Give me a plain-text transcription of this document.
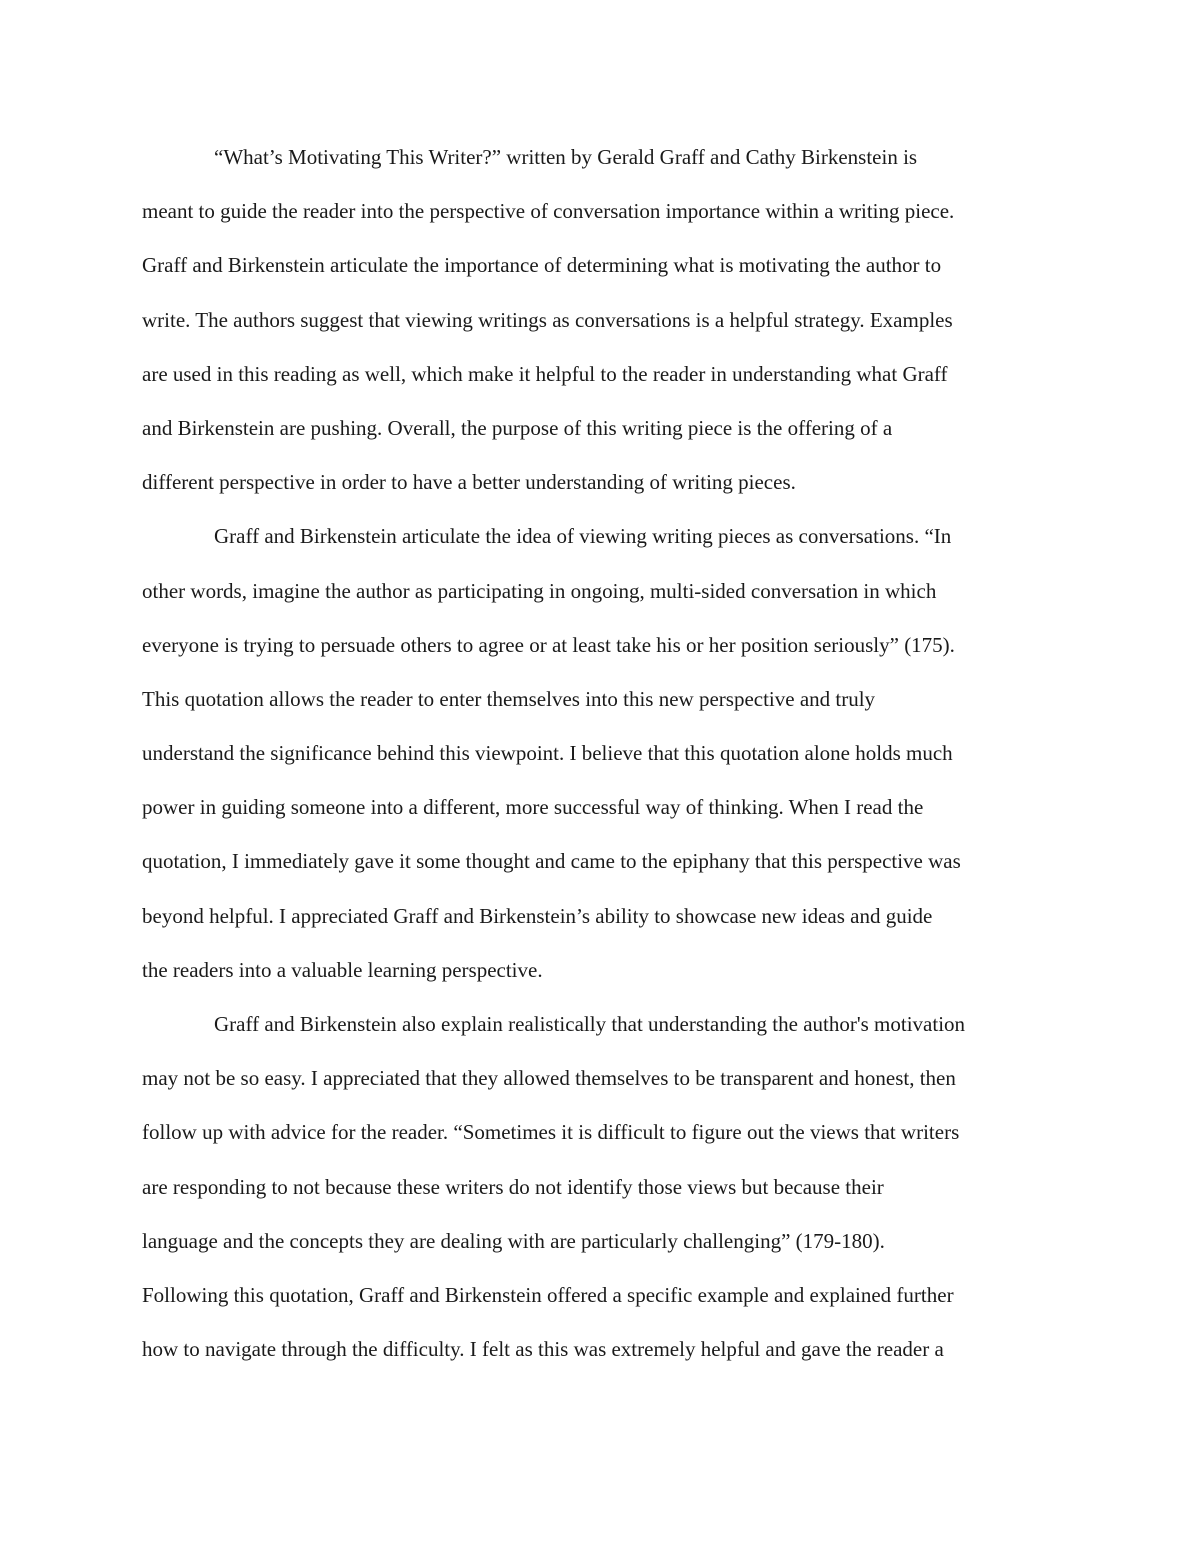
“What’s Motivating This Writer?” written by Gerald Graff and Cathy Birkenstein is
meant to guide the reader into the perspective of conversation importance within a writing piece.
Graff and Birkenstein articulate the importance of determining what is motivating the author to
write. The authors suggest that viewing writings as conversations is a helpful strategy. Examples
are used in this reading as well, which make it helpful to the reader in understanding what Graff
and Birkenstein are pushing. Overall, the purpose of this writing piece is the offering of a
different perspective in order to have a better understanding of writing pieces.
Graff and Birkenstein articulate the idea of viewing writing pieces as conversations. “In
other words, imagine the author as participating in ongoing, multi-sided conversation in which
everyone is trying to persuade others to agree or at least take his or her position seriously” (175).
This quotation allows the reader to enter themselves into this new perspective and truly
understand the significance behind this viewpoint. I believe that this quotation alone holds much
power in guiding someone into a different, more successful way of thinking. When I read the
quotation, I immediately gave it some thought and came to the epiphany that this perspective was
beyond helpful. I appreciated Graff and Birkenstein’s ability to showcase new ideas and guide
the readers into a valuable learning perspective.
Graff and Birkenstein also explain realistically that understanding the author's motivation
may not be so easy. I appreciated that they allowed themselves to be transparent and honest, then
follow up with advice for the reader. “Sometimes it is difficult to figure out the views that writers
are responding to not because these writers do not identify those views but because their
language and the concepts they are dealing with are particularly challenging” (179-180).
Following this quotation, Graff and Birkenstein offered a specific example and explained further
how to navigate through the difficulty. I felt as this was extremely helpful and gave the reader a
